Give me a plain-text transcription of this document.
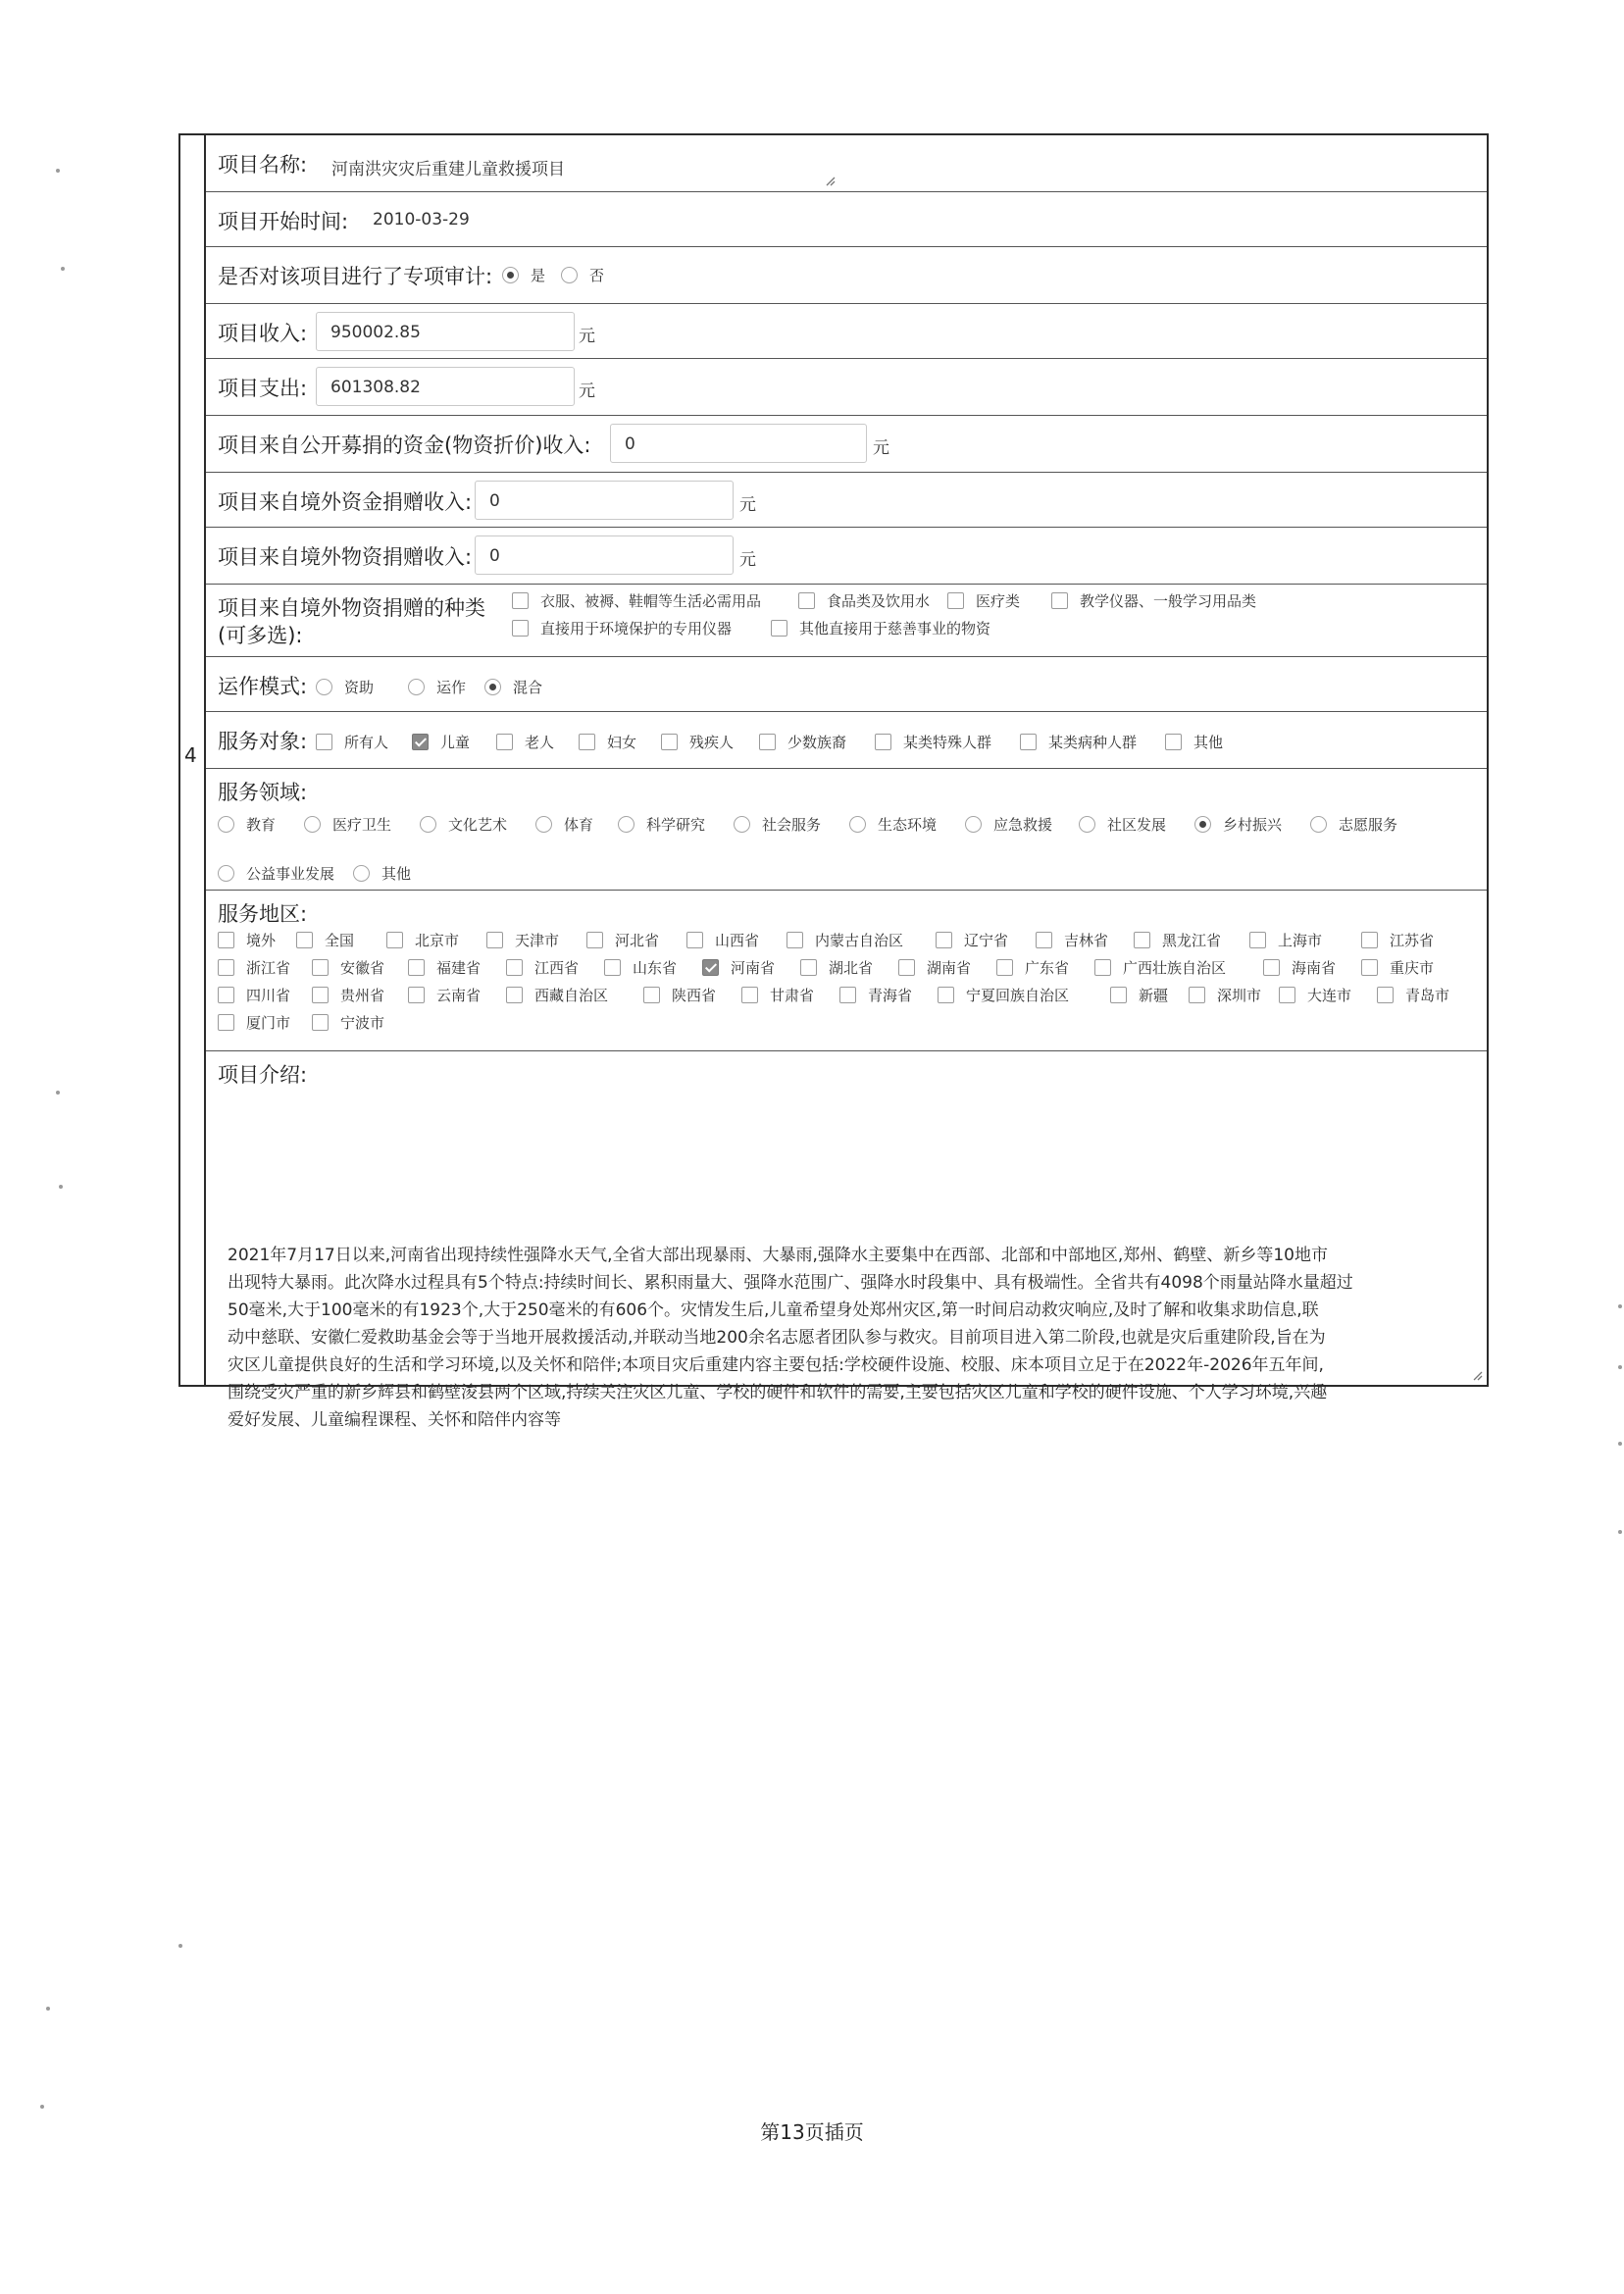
4
项目名称: 河南洪灾灾后重建儿童救援项目
项目开始时间: 2010-03-29
是否对该项目进行了专项审计:	是	否
项目收入:	950002.85	元
项目支出:	601308.82	元
项目来自公开募捐的资金(物资折价)收入:	0	元
项目来自境外资金捐赠收入:	0	元
项目来自境外物资捐赠收入:	0	元
项目来自境外物资捐赠的种类
(可多选):
衣服、被褥、鞋帽等生活必需用品	食品类及饮用水	医疗类	教学仪器、一般学习用品类
直接用于环境保护的专用仪器	其他直接用于慈善事业的物资
运作模式:	资助	运作	混合
服务对象:	所有人	儿童	老人	妇女	残疾人	少数族裔	某类特殊人群	某类病种人群	其他
服务领域:
教育	医疗卫生	文化艺术	体育	科学研究	社会服务	生态环境	应急救援	社区发展	乡村振兴	志愿服务
公益事业发展	其他
服务地区:
境外	全国	北京市	天津市	河北省	山西省	内蒙古自治区	辽宁省	吉林省	黑龙江省	上海市	江苏省
浙江省	安徽省	福建省	江西省	山东省	河南省	湖北省	湖南省	广东省	广西壮族自治区	海南省	重庆市
四川省	贵州省	云南省	西藏自治区	陕西省	甘肃省	青海省	宁夏回族自治区	新疆	深圳市	大连市	青岛市
厦门市	宁波市
项目介绍:
2021年7月17日以来,河南省出现持续性强降水天气,全省大部出现暴雨、大暴雨,强降水主要集中在西部、北部和中部地区,郑州、鹤壁、新乡等10地市
出现特大暴雨。此次降水过程具有5个特点:持续时间长、累积雨量大、强降水范围广、强降水时段集中、具有极端性。全省共有4098个雨量站降水量超过
50毫米,大于100毫米的有1923个,大于250毫米的有606个。灾情发生后,儿童希望身处郑州灾区,第一时间启动救灾响应,及时了解和收集求助信息,联
动中慈联、安徽仁爱救助基金会等于当地开展救援活动,并联动当地200余名志愿者团队参与救灾。目前项目进入第二阶段,也就是灾后重建阶段,旨在为
灾区儿童提供良好的生活和学习环境,以及关怀和陪伴;本项目灾后重建内容主要包括:学校硬件设施、校服、床本项目立足于在2022年-2026年五年间,
围绕受灾严重的新乡辉县和鹤壁浚县两个区域,持续关注灾区儿童、学校的硬件和软件的需要,主要包括灾区儿童和学校的硬件设施、个人学习环境,兴趣
爱好发展、儿童编程课程、关怀和陪伴内容等
第13页插页
